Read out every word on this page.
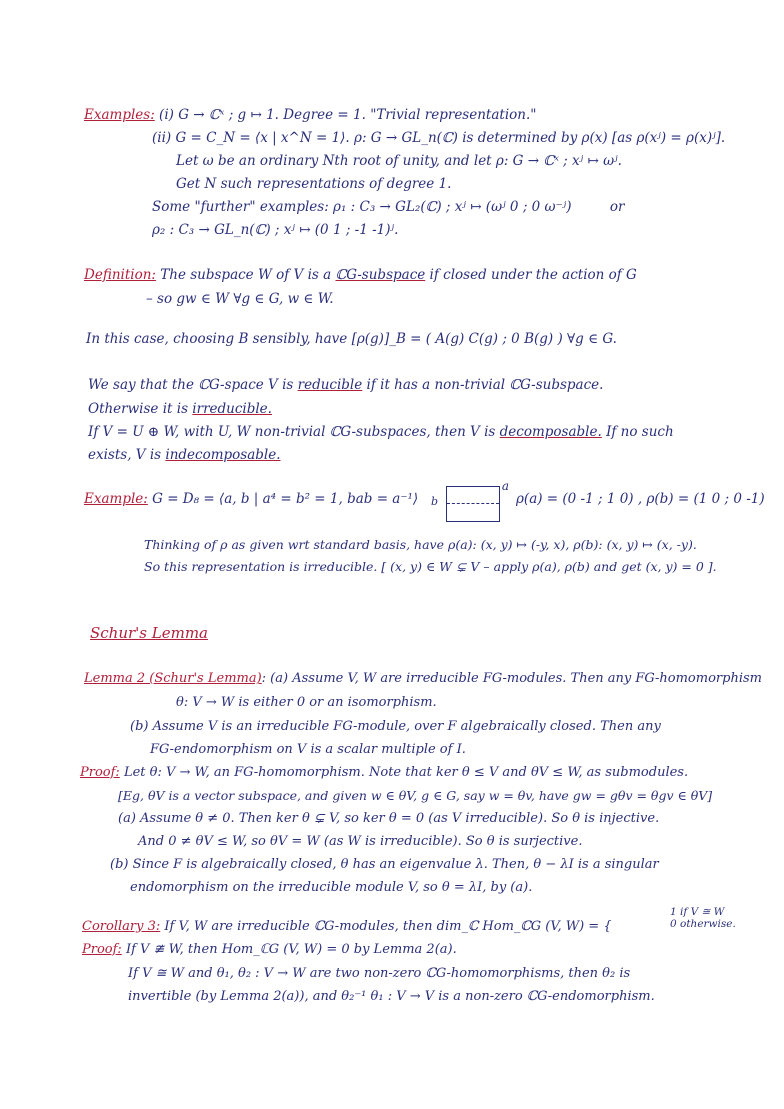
Examples: (i) G → ℂˣ ; g ↦ 1. Degree = 1. "Trivial representation."
(ii) G = C_N = ⟨x | x^N = 1⟩. ρ: G → GL_n(ℂ) is determined by ρ(x) [as ρ(xʲ) = ρ(x)ʲ].
Let ω be an ordinary Nth root of unity, and let ρ: G → ℂˣ ; xʲ ↦ ωʲ.
Get N such representations of degree 1.
Some "further" examples: ρ₁ : C₃ → GL₂(ℂ) ; xʲ ↦ (ωʲ 0 ; 0 ω⁻ʲ)	or
ρ₂ : C₃ → GL_n(ℂ) ; xʲ ↦ (0 1 ; -1 -1)ʲ.
Definition: The subspace W of V is a ℂG-subspace if closed under the action of G
– so gw ∈ W ∀g ∈ G, w ∈ W.
In this case, choosing B sensibly, have [ρ(g)]_B = ( A(g) C(g) ; 0 B(g) ) ∀g ∈ G.
We say that the ℂG-space V is reducible if it has a non-trivial ℂG-subspace.
Otherwise it is irreducible.
If V = U ⊕ W, with U, W non-trivial ℂG-subspaces, then V is decomposable. If no such
exists, V is indecomposable.
Example: G = D₈ = ⟨a, b | a⁴ = b² = 1, bab = a⁻¹⟩
a
b	ρ(a) = (0 -1 ; 1 0) , ρ(b) = (1 0 ; 0 -1)
Thinking of ρ as given wrt standard basis, have ρ(a): (x, y) ↦ (-y, x), ρ(b): (x, y) ↦ (x, -y).
So this representation is irreducible. [ (x, y) ∈ W ⊊ V – apply ρ(a), ρ(b) and get (x, y) = 0 ].
Schur's Lemma
Lemma 2 (Schur's Lemma): (a) Assume V, W are irreducible FG-modules. Then any FG-homomorphism
θ: V → W is either 0 or an isomorphism.
(b) Assume V is an irreducible FG-module, over F algebraically closed. Then any
FG-endomorphism on V is a scalar multiple of I.
Proof: Let θ: V → W, an FG-homomorphism. Note that ker θ ≤ V and θV ≤ W, as submodules.
[Eg, θV is a vector subspace, and given w ∈ θV, g ∈ G, say w = θv, have gw = gθv = θgv ∈ θV]
(a) Assume θ ≠ 0. Then ker θ ⊊ V, so ker θ = 0 (as V irreducible). So θ is injective.
And 0 ≠ θV ≤ W, so θV = W (as W is irreducible). So θ is surjective.
(b) Since F is algebraically closed, θ has an eigenvalue λ. Then, θ − λI is a singular
endomorphism on the irreducible module V, so θ = λI, by (a).
Corollary 3: If V, W are irreducible ℂG-modules, then dim_ℂ Hom_ℂG (V, W) = {
1 if V ≅ W
0 otherwise.
Proof: If V ≇ W, then Hom_ℂG (V, W) = 0 by Lemma 2(a).
If V ≅ W and θ₁, θ₂ : V → W are two non-zero ℂG-homomorphisms, then θ₂ is
invertible (by Lemma 2(a)), and θ₂⁻¹ θ₁ : V → V is a non-zero ℂG-endomorphism.
